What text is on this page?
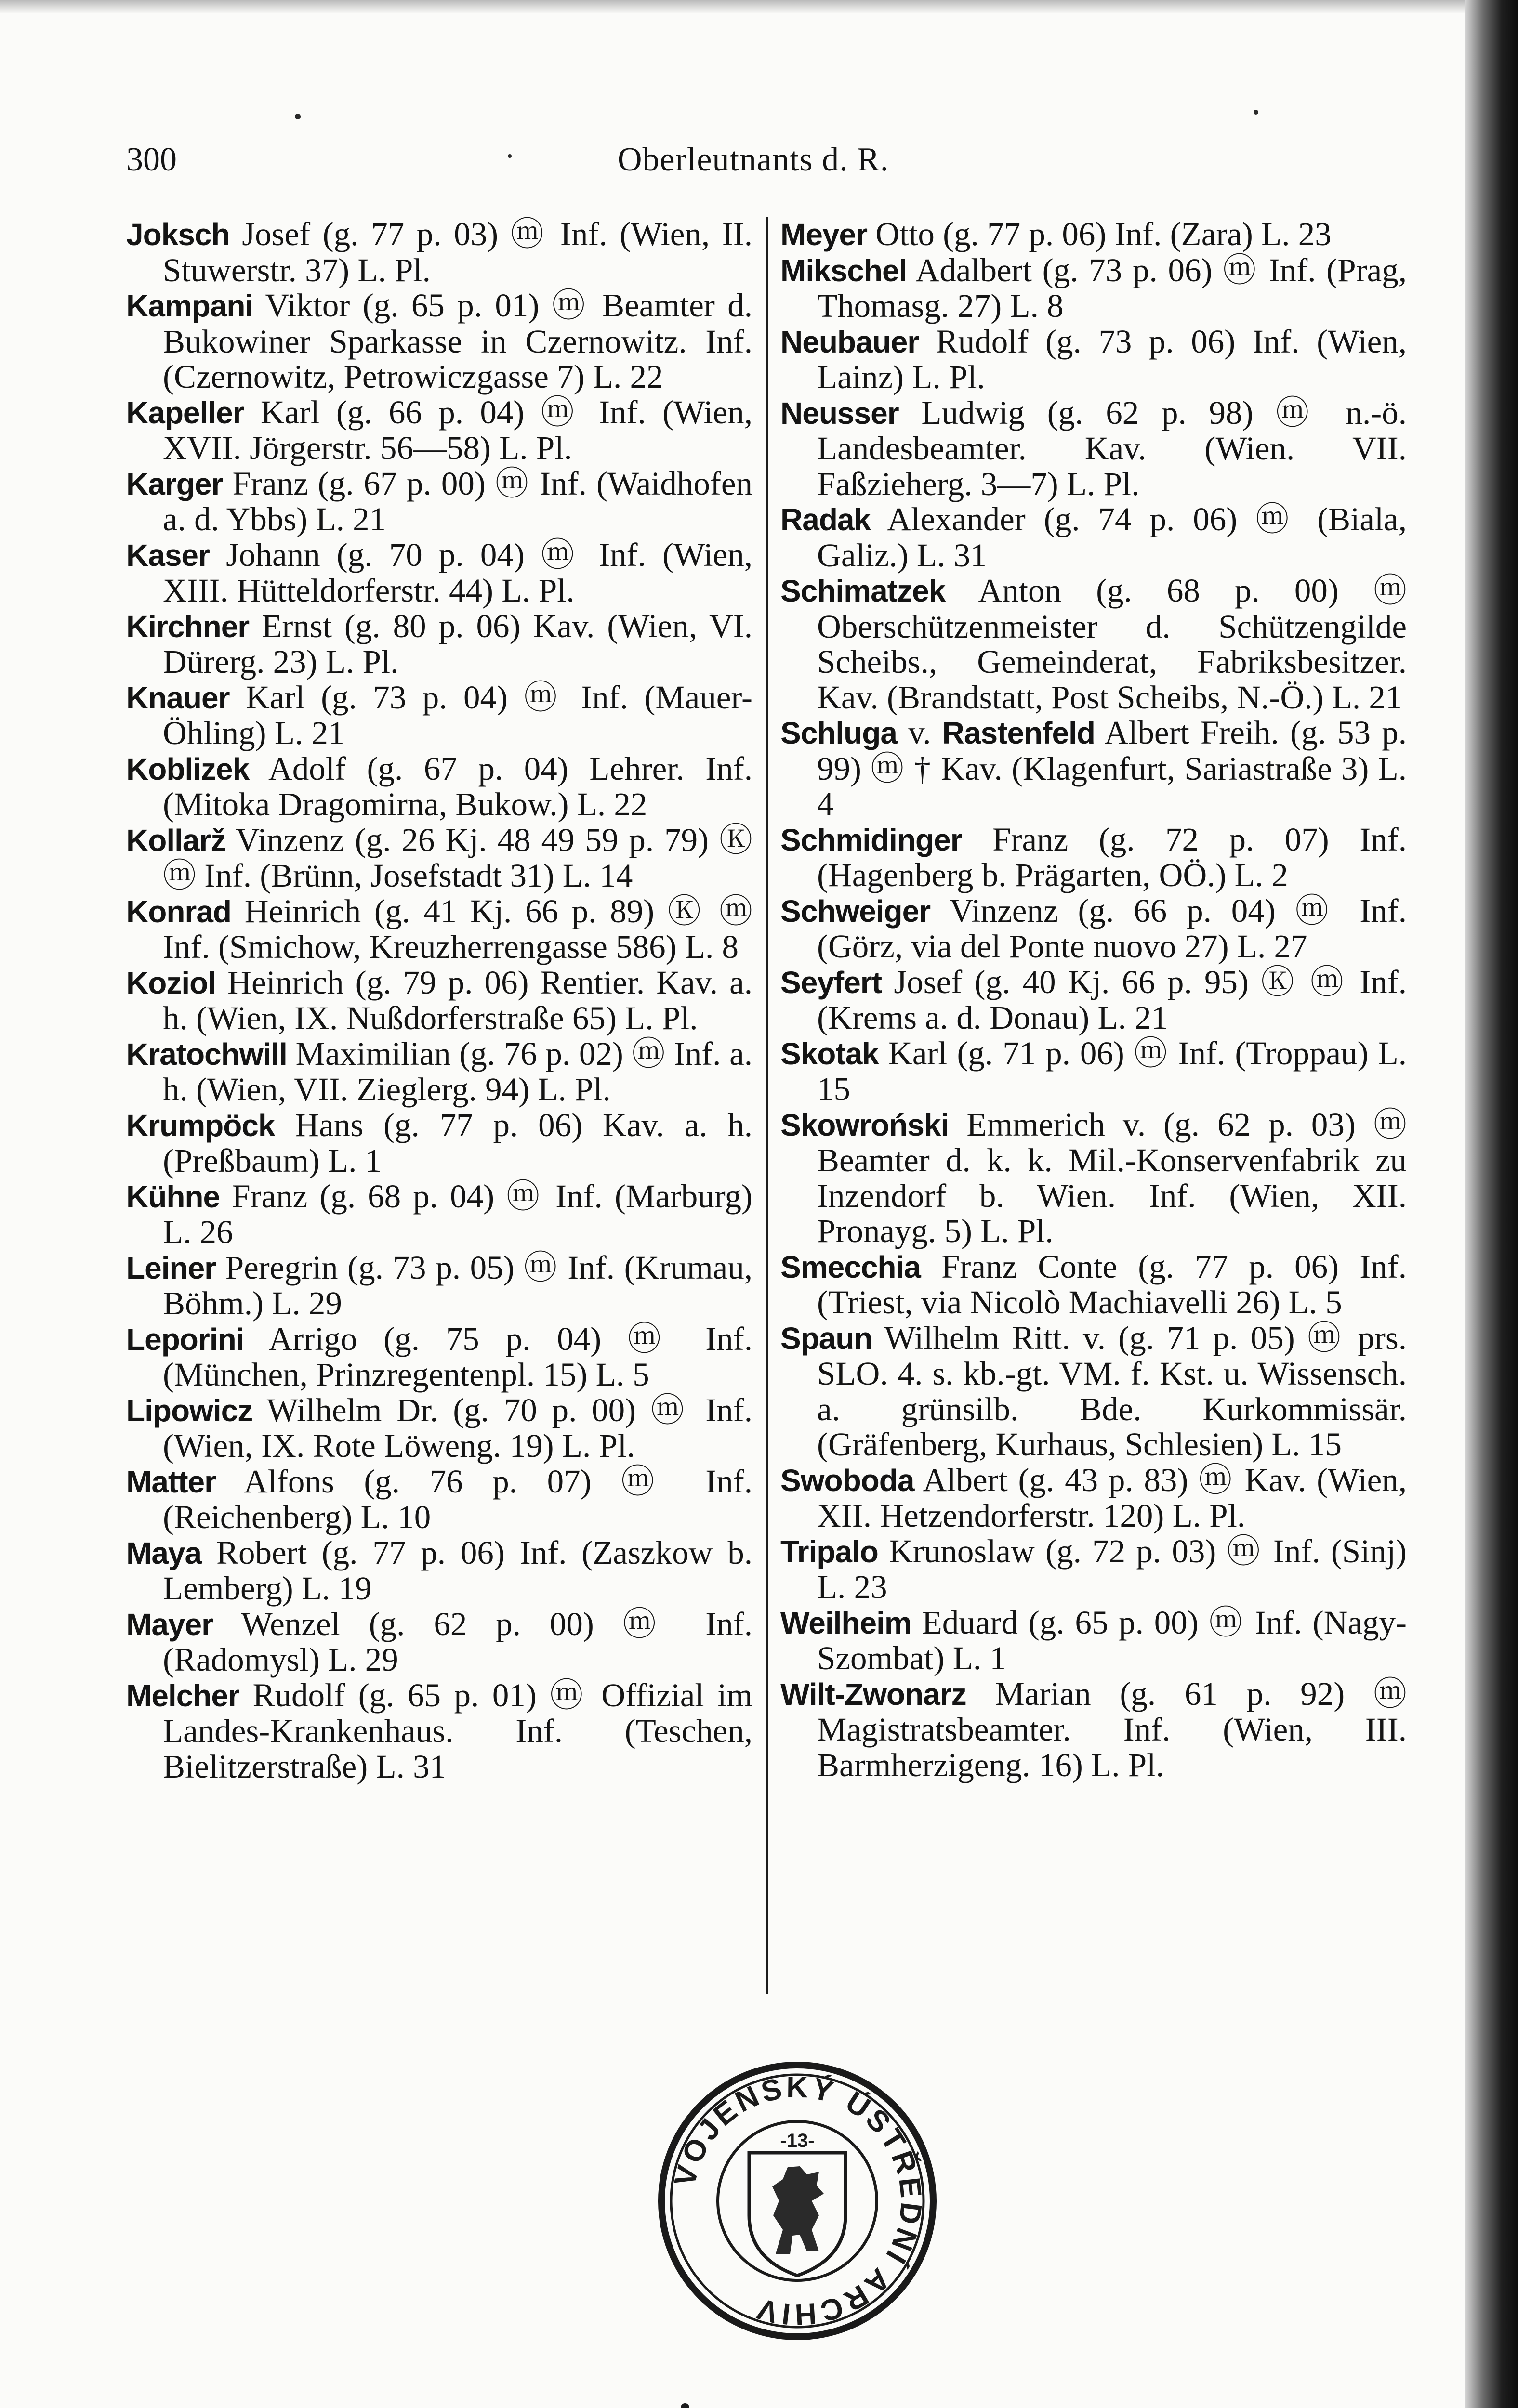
300	Oberleutnants d. R.

Joksch Josef (g. 77 p. 03) ⓜ Inf. (Wien, II. Stuwerstr. 37) L. Pl.

Kampani Viktor (g. 65 p. 01) ⓜ Beamter d. Bukowiner Sparkasse in Czernowitz. Inf. (Czernowitz, Petrowiczgasse 7) L. 22

Kapeller Karl (g. 66 p. 04) ⓜ Inf. (Wien, XVII. Jörgerstr. 56—58) L. Pl.

Karger Franz (g. 67 p. 00) ⓜ Inf. (Waidhofen a. d. Ybbs) L. 21

Kaser Johann (g. 70 p. 04) ⓜ Inf. (Wien, XIII. Hütteldorferstr. 44) L. Pl.

Kirchner Ernst (g. 80 p. 06) Kav. (Wien, VI. Dürerg. 23) L. Pl.

Knauer Karl (g. 73 p. 04) ⓜ Inf. (Mauer-Öhling) L. 21

Koblizek Adolf (g. 67 p. 04) Lehrer. Inf. (Mitoka Dragomirna, Bukow.) L. 22

Kollarž Vinzenz (g. 26 Kj. 48 49 59 p. 79) Ⓚ ⓜ Inf. (Brünn, Josefstadt 31) L. 14

Konrad Heinrich (g. 41 Kj. 66 p. 89) Ⓚ ⓜ Inf. (Smichow, Kreuzherrengasse 586) L. 8

Koziol Heinrich (g. 79 p. 06) Rentier. Kav. a. h. (Wien, IX. Nußdorferstraße 65) L. Pl.

Kratochwill Maximilian (g. 76 p. 02) ⓜ Inf. a. h. (Wien, VII. Zieglerg. 94) L. Pl.

Krumpöck Hans (g. 77 p. 06) Kav. a. h. (Preßbaum) L. 1

Kühne Franz (g. 68 p. 04) ⓜ Inf. (Marburg) L. 26

Leiner Peregrin (g. 73 p. 05) ⓜ Inf. (Krumau, Böhm.) L. 29

Leporini Arrigo (g. 75 p. 04) ⓜ Inf. (München, Prinzregentenpl. 15) L. 5

Lipowicz Wilhelm Dr. (g. 70 p. 00) ⓜ Inf. (Wien, IX. Rote Löweng. 19) L. Pl.

Matter Alfons (g. 76 p. 07) ⓜ Inf. (Reichenberg) L. 10

Maya Robert (g. 77 p. 06) Inf. (Zaszkow b. Lemberg) L. 19

Mayer Wenzel (g. 62 p. 00) ⓜ Inf. (Radomysl) L. 29

Melcher Rudolf (g. 65 p. 01) ⓜ Offizial im Landes-Krankenhaus. Inf. (Teschen, Bielitzerstraße) L. 31

Meyer Otto (g. 77 p. 06) Inf. (Zara) L. 23

Mikschel Adalbert (g. 73 p. 06) ⓜ Inf. (Prag, Thomasg. 27) L. 8

Neubauer Rudolf (g. 73 p. 06) Inf. (Wien, Lainz) L. Pl.

Neusser Ludwig (g. 62 p. 98) ⓜ n.-ö. Landesbeamter. Kav. (Wien. VII. Faßzieherg. 3—7) L. Pl.

Radak Alexander (g. 74 p. 06) ⓜ (Biala, Galiz.) L. 31

Schimatzek Anton (g. 68 p. 00) ⓜ Oberschützenmeister d. Schützengilde Scheibs., Gemeinderat, Fabriksbesitzer. Kav. (Brandstatt, Post Scheibs, N.-Ö.) L. 21

Schluga v. Rastenfeld Albert Freih. (g. 53 p. 99) ⓜ † Kav. (Klagenfurt, Sariastraße 3) L. 4

Schmidinger Franz (g. 72 p. 07) Inf. (Hagenberg b. Prägarten, OÖ.) L. 2

Schweiger Vinzenz (g. 66 p. 04) ⓜ Inf. (Görz, via del Ponte nuovo 27) L. 27

Seyfert Josef (g. 40 Kj. 66 p. 95) Ⓚ ⓜ Inf. (Krems a. d. Donau) L. 21

Skotak Karl (g. 71 p. 06) ⓜ Inf. (Troppau) L. 15

Skowroński Emmerich v. (g. 62 p. 03) ⓜ Beamter d. k. k. Mil.-Konservenfabrik zu Inzendorf b. Wien. Inf. (Wien, XII. Pronayg. 5) L. Pl.

Smecchia Franz Conte (g. 77 p. 06) Inf. (Triest, via Nicolò Machiavelli 26) L. 5

Spaun Wilhelm Ritt. v. (g. 71 p. 05) ⓜ prs. SLO. 4. s. kb.-gt. VM. f. Kst. u. Wissensch. a. grünsilb. Bde. Kurkommissär. (Gräfenberg, Kurhaus, Schlesien) L. 15

Swoboda Albert (g. 43 p. 83) ⓜ Kav. (Wien, XII. Hetzendorferstr. 120) L. Pl.

Tripalo Krunoslaw (g. 72 p. 03) ⓜ Inf. (Sinj) L. 23

Weilheim Eduard (g. 65 p. 00) ⓜ Inf. (Nagy-Szombat) L. 1

Wilt-Zwonarz Marian (g. 61 p. 92) ⓜ Magistratsbeamter. Inf. (Wien, III. Barmherzigeng. 16) L. Pl.

VOJENSKÝ ÚSTŘEDNÍ ARCHIV
-13-
